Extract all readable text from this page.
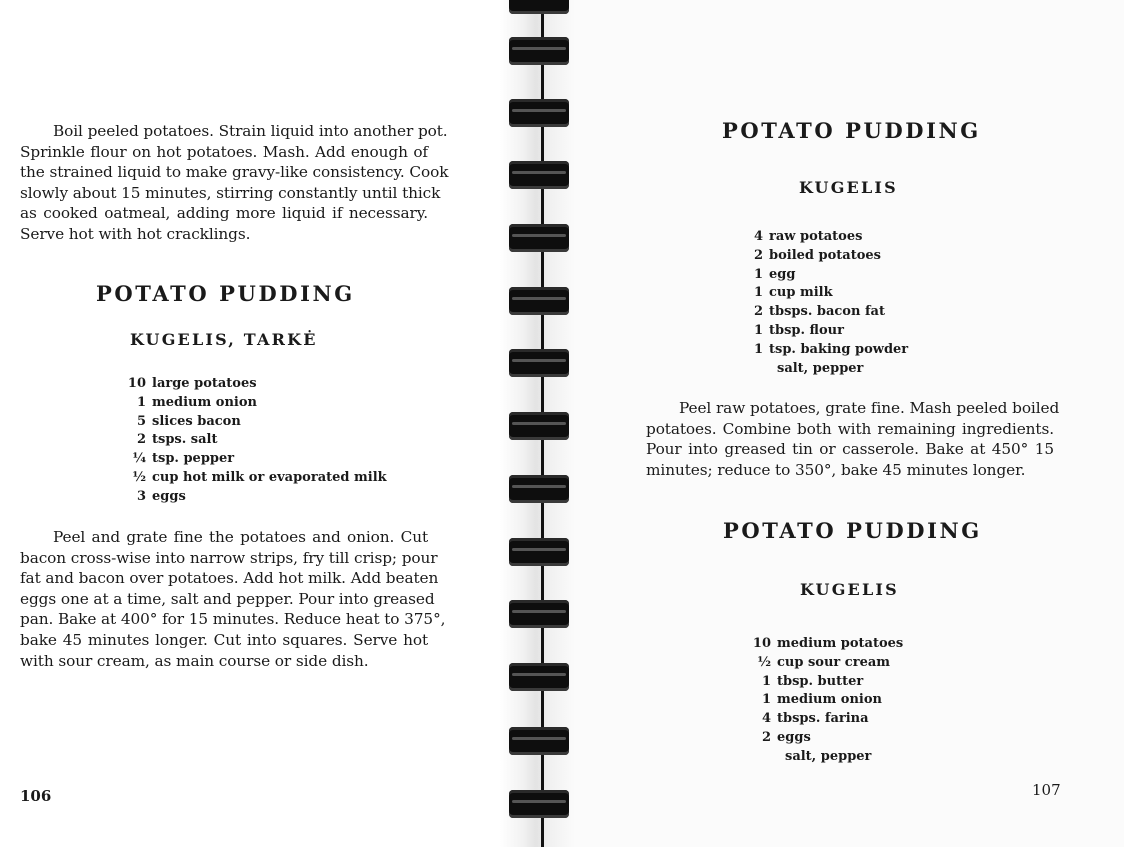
Boil peeled potatoes. Strain liquid into another pot.
Sprinkle flour on hot potatoes. Mash. Add enough of
the strained liquid to make gravy-like consistency. Cook
slowly about 15 minutes, stirring constantly until thick
as cooked oatmeal, adding more liquid if necessary.
Serve hot with hot cracklings.

POTATO PUDDING
KUGELIS, TARKĖ
10 large potatoes
1 medium onion
5 slices bacon
2 tsps. salt
¼ tsp. pepper
½ cup hot milk or evaporated milk
3 eggs

Peel and grate fine the potatoes and onion. Cut
bacon cross-wise into narrow strips, fry till crisp; pour
fat and bacon over potatoes. Add hot milk. Add beaten
eggs one at a time, salt and pepper. Pour into greased
pan. Bake at 400° for 15 minutes. Reduce heat to 375°,
bake 45 minutes longer. Cut into squares. Serve hot
with sour cream, as main course or side dish.

106
POTATO PUDDING
KUGELIS
4 raw potatoes
2 boiled potatoes
1 egg
1 cup milk
2 tbsps. bacon fat
1 tbsp. flour
1 tsp. baking powder
salt, pepper

Peel raw potatoes, grate fine. Mash peeled boiled
potatoes. Combine both with remaining ingredients.
Pour into greased tin or casserole. Bake at 450° 15
minutes; reduce to 350°, bake 45 minutes longer.

POTATO PUDDING
KUGELIS
10 medium potatoes
½ cup sour cream
1 tbsp. butter
1 medium onion
4 tbsps. farina
2 eggs
salt, pepper
107
